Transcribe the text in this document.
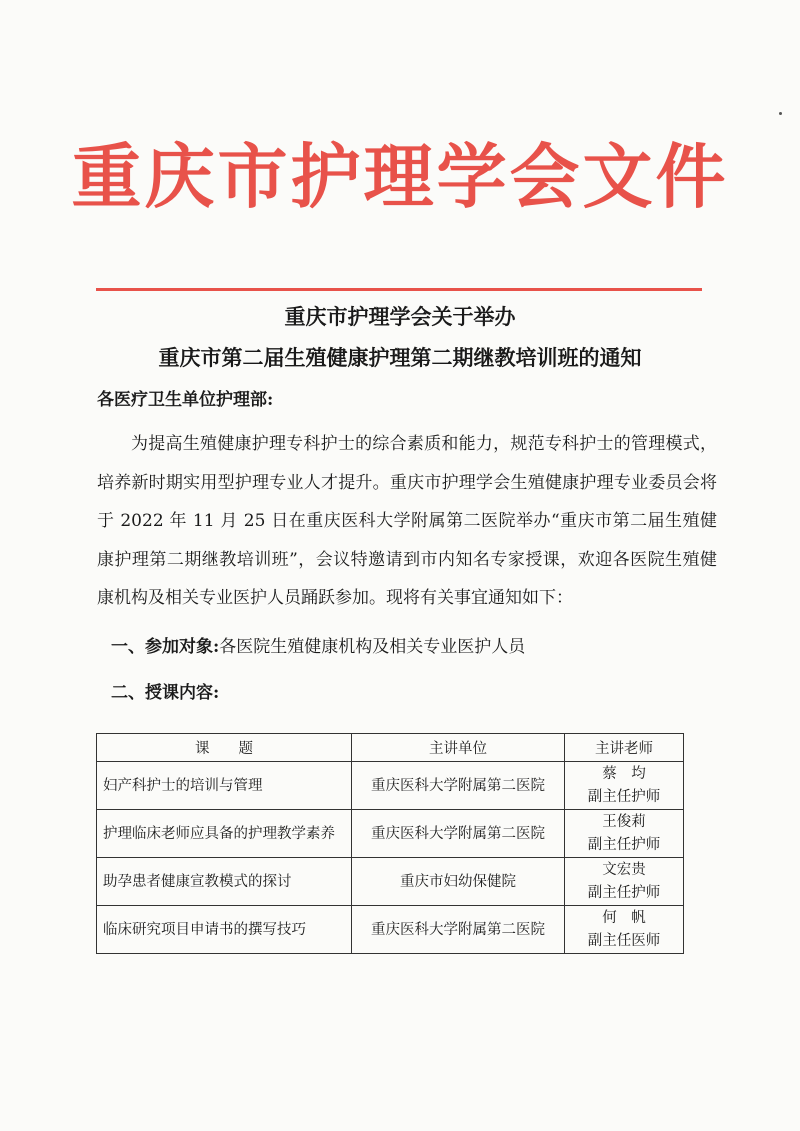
重庆市护理学会文件
重庆市护理学会关于举办
重庆市第二届生殖健康护理第二期继教培训班的通知
各医疗卫生单位护理部:
为提高生殖健康护理专科护士的综合素质和能力，规范专科护士的管理模式，培养新时期实用型护理专业人才提升。重庆市护理学会生殖健康护理专业委员会将于 2022 年 11 月 25 日在重庆医科大学附属第二医院举办“重庆市第二届生殖健康护理第二期继教培训班”，会议特邀请到市内知名专家授课，欢迎各医院生殖健康机构及相关专业医护人员踊跃参加。现将有关事宜通知如下：
一、参加对象:各医院生殖健康机构及相关专业医护人员
二、授课内容:
课　　题	主讲单位	主讲老师
妇产科护士的培训与管理	重庆医科大学附属第二医院	蔡　均
副主任护师

护理临床老师应具备的护理教学素养	重庆医科大学附属第二医院	王俊莉
副主任护师

助孕患者健康宣教模式的探讨	重庆市妇幼保健院	文宏贵
副主任护师

临床研究项目申请书的撰写技巧	重庆医科大学附属第二医院	何　帆
副主任医师
